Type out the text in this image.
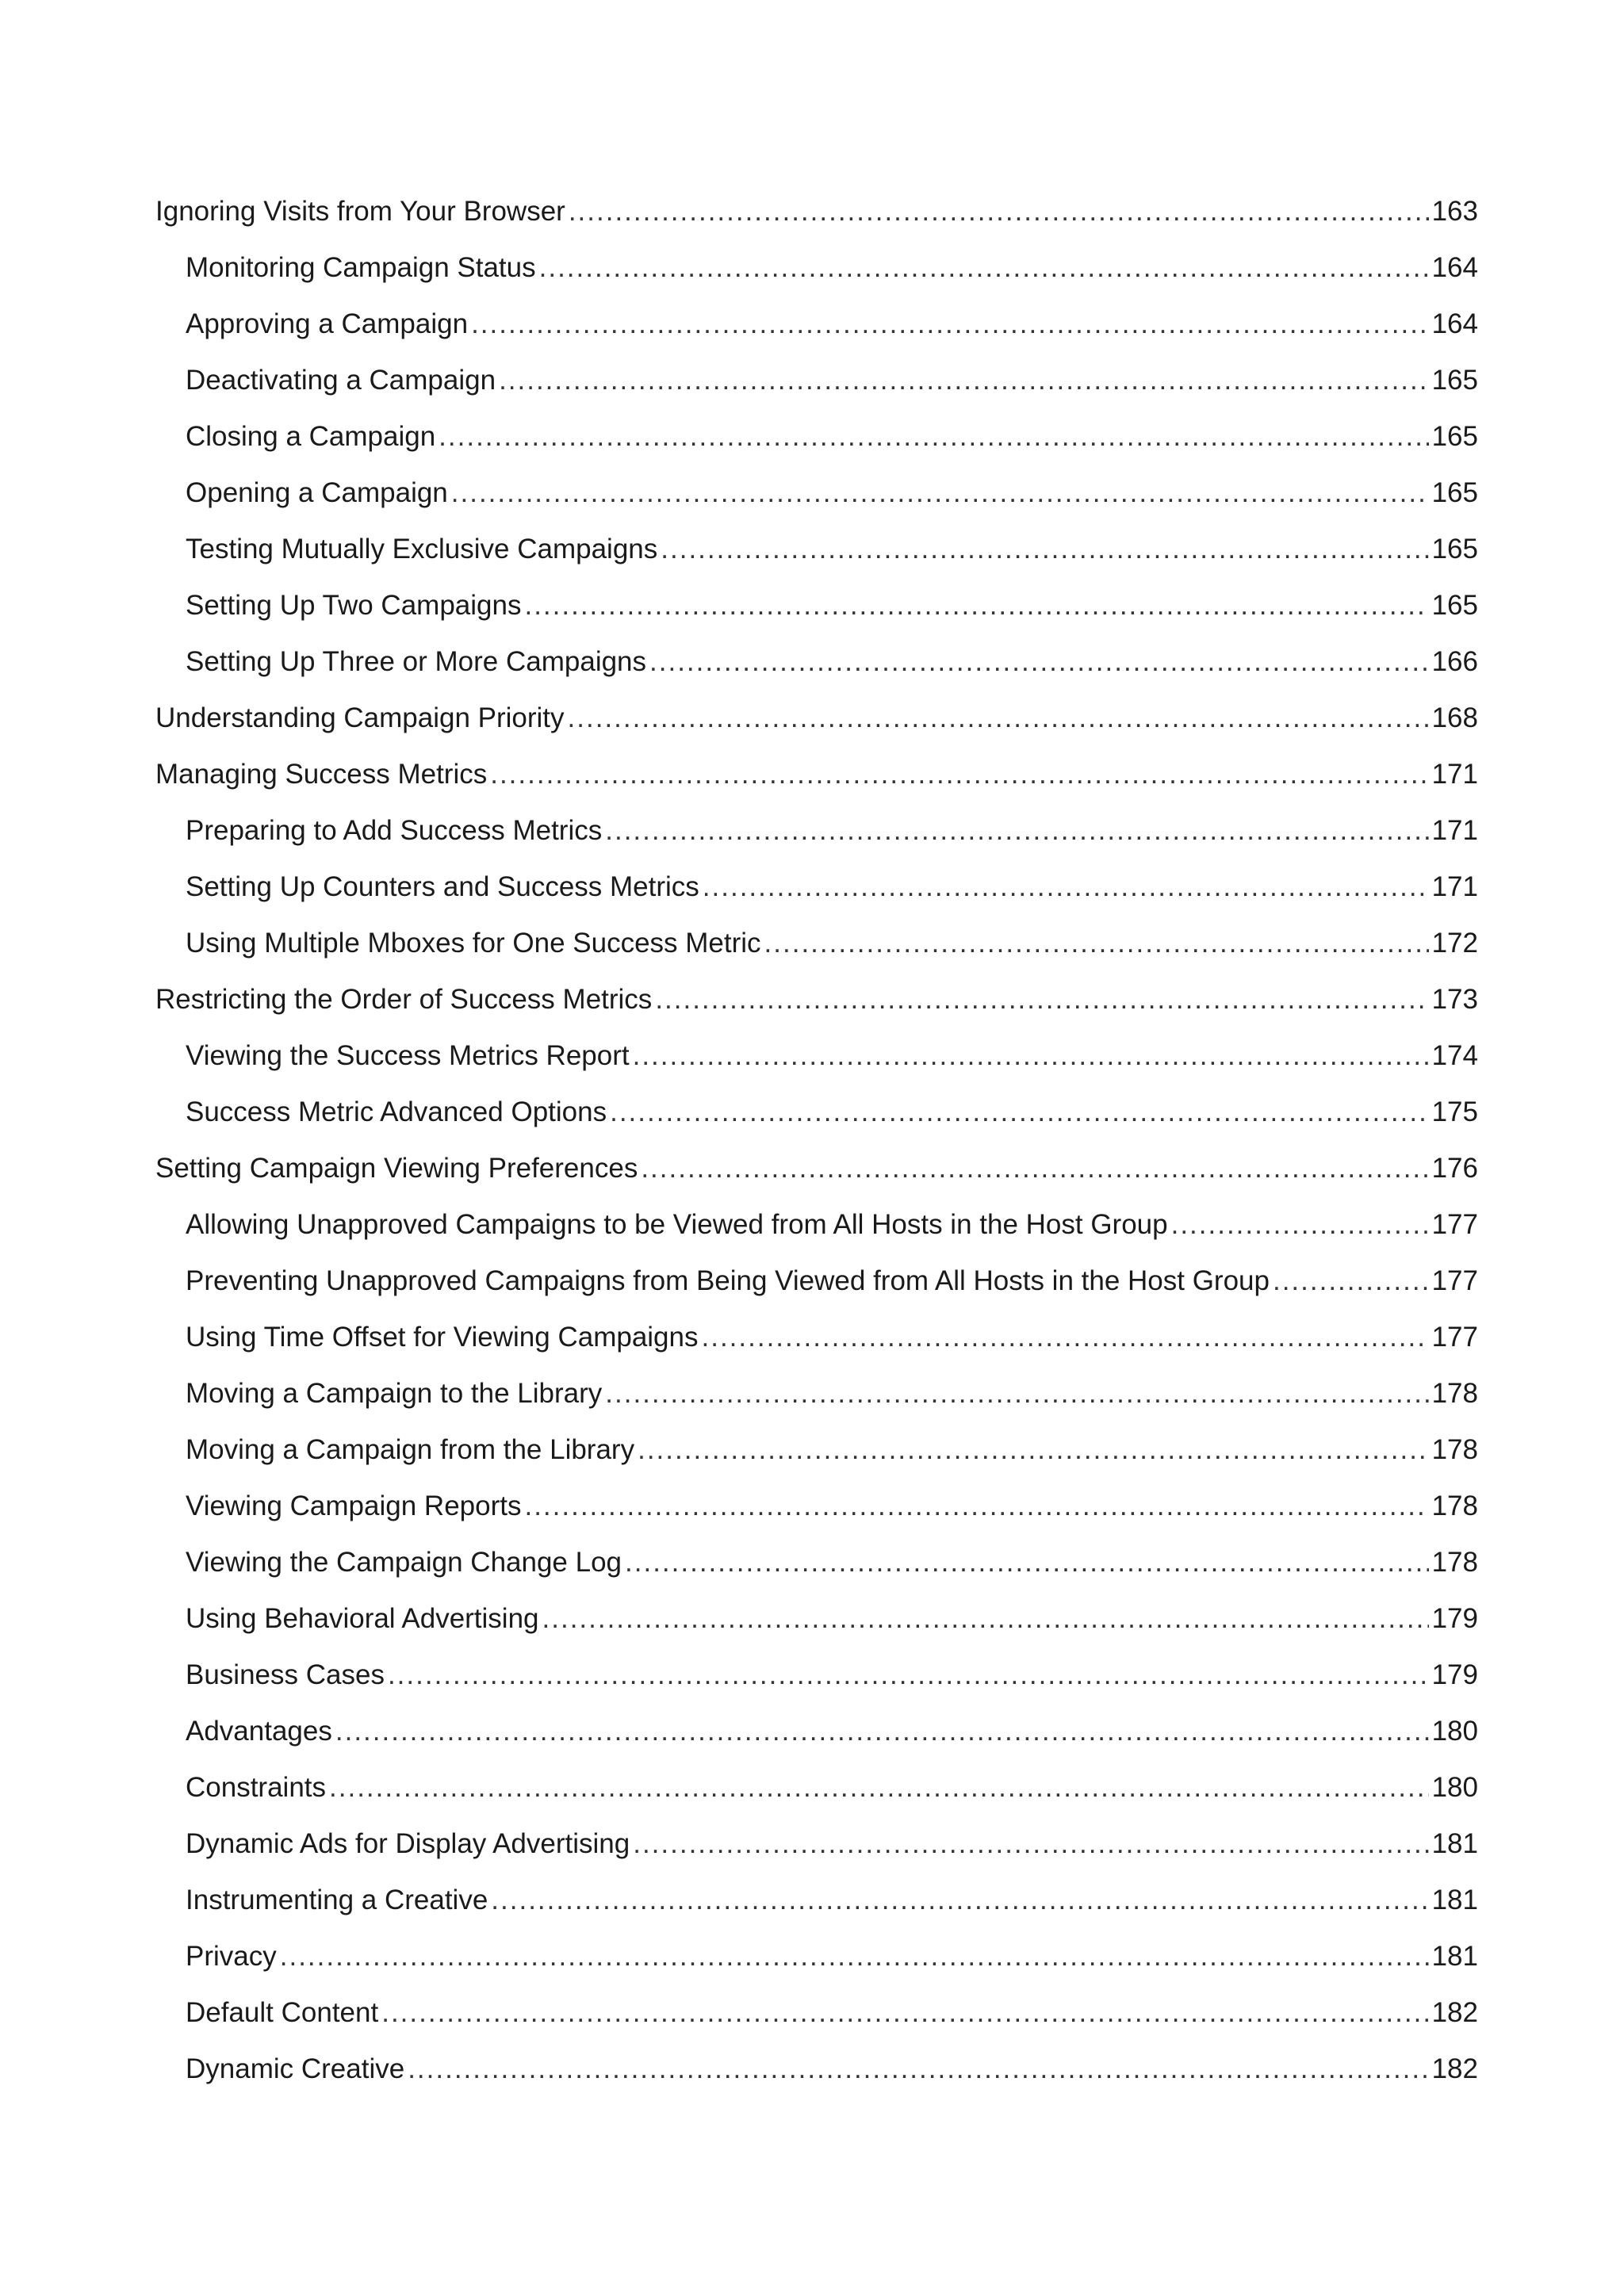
Ignoring Visits from Your Browser .....	163
Monitoring Campaign Status .....	164
Approving a Campaign .....	164
Deactivating a Campaign .....	165
Closing a Campaign .....	165
Opening a Campaign .....	165
Testing Mutually Exclusive Campaigns .....	165
Setting Up Two Campaigns .....	165
Setting Up Three or More Campaigns .....	166
Understanding Campaign Priority .....	168
Managing Success Metrics .....	171
Preparing to Add Success Metrics .....	171
Setting Up Counters and Success Metrics .....	171
Using Multiple Mboxes for One Success Metric .....	172
Restricting the Order of Success Metrics .....	173
Viewing the Success Metrics Report .....	174
Success Metric Advanced Options .....	175
Setting Campaign Viewing Preferences .....	176
Allowing Unapproved Campaigns to be Viewed from All Hosts in the Host Group .....	177
Preventing Unapproved Campaigns from Being Viewed from All Hosts in the Host Group .....	177
Using Time Offset for Viewing Campaigns .....	177
Moving a Campaign to the Library .....	178
Moving a Campaign from the Library .....	178
Viewing Campaign Reports .....	178
Viewing the Campaign Change Log .....	178
Using Behavioral Advertising .....	179
Business Cases .....	179
Advantages .....	180
Constraints .....	180
Dynamic Ads for Display Advertising .....	181
Instrumenting a Creative .....	181
Privacy .....	181
Default Content .....	182
Dynamic Creative .....	182
